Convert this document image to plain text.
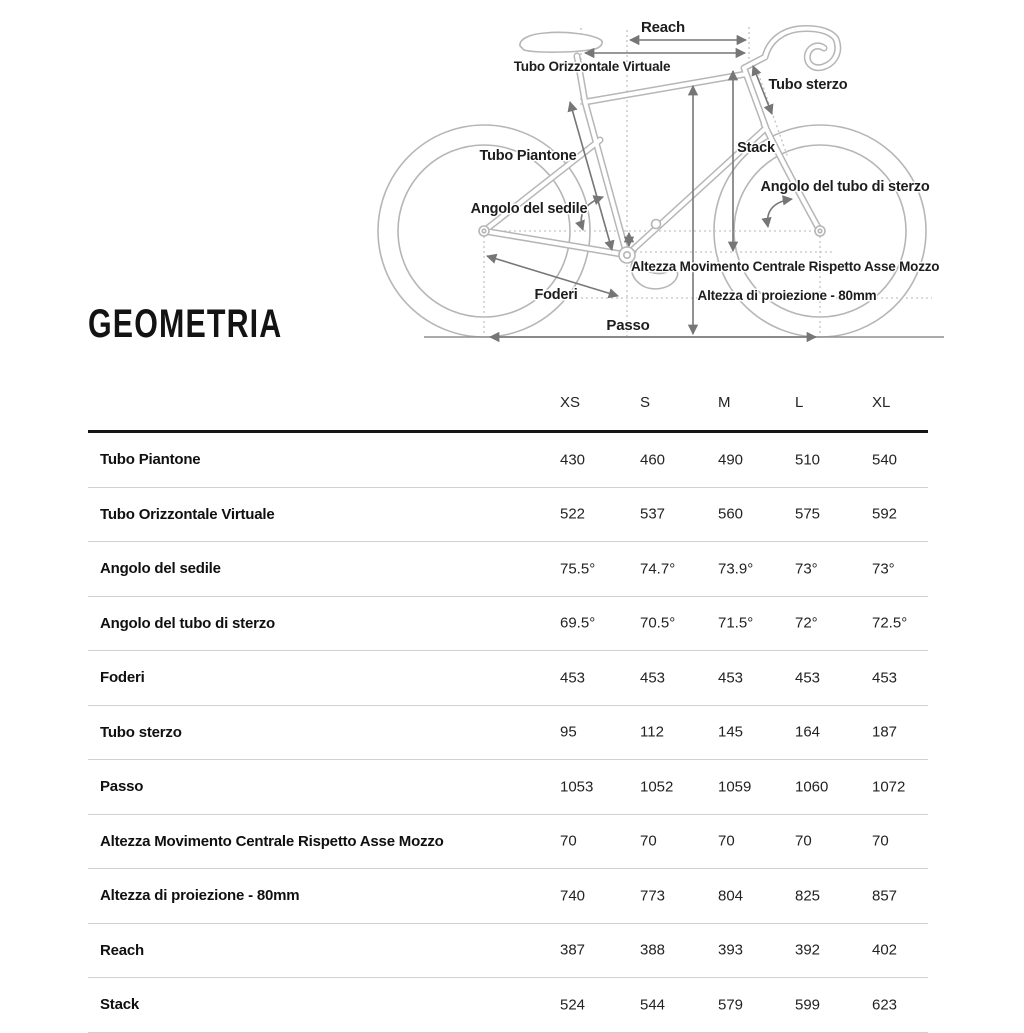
Reach
Tubo Orizzontale Virtuale
Tubo sterzo
Tubo Piantone	Stack
Angolo del sedile
Angolo del tubo di sterzo
Altezza Movimento Centrale Rispetto Asse Mozzo
Altezza di proiezione - 80mm
Foderi
Passo
GEOMETRIA
XS	S	M	L	XL
Tubo Piantone	430	460	490	510	540
Tubo Orizzontale Virtuale	522	537	560	575	592
Angolo del sedile	75.5°	74.7°	73.9°	73°	73°
Angolo del tubo di sterzo	69.5°	70.5°	71.5°	72°	72.5°
Foderi	453	453	453	453	453
Tubo sterzo	95	112	145	164	187
Passo	1053	1052	1059	1060	1072
Altezza Movimento Centrale Rispetto Asse Mozzo	70	70	70	70	70
Altezza di proiezione - 80mm	740	773	804	825	857
Reach	387	388	393	392	402
Stack	524	544	579	599	623
